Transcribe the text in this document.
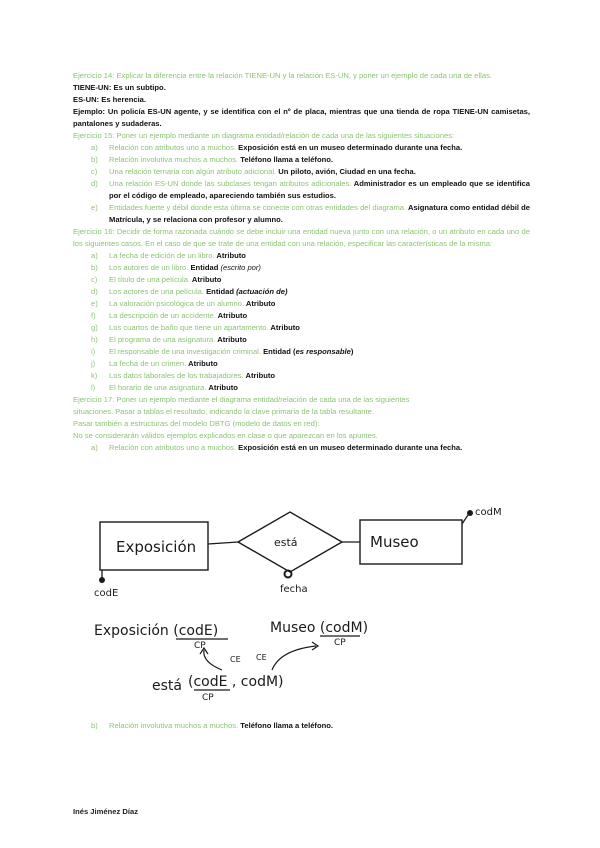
Ejercicio 14: Explicar la diferencia entre la relación TIENE-UN y la relación ES-UN, y poner un ejemplo de cada una de ellas.

TIENE-UN: Es un subtipo.

ES-UN: Es herencia.

Ejemplo: Un policía ES-UN agente, y se identifica con el nº de placa, mientras que una tienda de ropa TIENE-UN camisetas, pantalones y sudaderas.

Ejercicio 15: Poner un ejemplo mediante un diagrama entidad/relación de cada una de las siguientes situaciones:

a) Relación con atributos uno a muchos. Exposición está en un museo determinado durante una fecha.
b) Relación involutiva muchos a muchos. Teléfono llama a teléfono.
c) Una relación ternaria con algún atributo adicional. Un piloto, avión, Ciudad en una fecha.
d) Una relación ES-UN donde las subclases tengan atributos adicionales. Administrador es un empleado que se identifica por el código de empleado, apareciendo también sus estudios.
e) Entidades fuerte y débil donde esta última se conecte con otras entidades del diagrama. Asignatura como entidad débil de Matrícula, y se relaciona con profesor y alumno.

Ejercicio 16: Decidir de forma razonada cuándo se debe incluir una entidad nueva junto con una relación, o un atributo en cada uno de los siguientes casos. En el caso de que se trate de una entidad con una relación, especificar las características de la misma:

a) La fecha de edición de un libro. Atributo
b) Los autores de un libro. Entidad (escrito por)
c) El título de una película. Atributo
d) Los actores de una película. Entidad (actuación de)
e) La valoración psicológica de un alumno. Atributo
f) La descripción de un accidente. Atributo
g) Los cuartos de baño que tiene un apartamento. Atributo
h) El programa de una asignatura. Atributo
i) El responsable de una investigación criminal. Entidad (es responsable)
j) La fecha de un crimen. Atributo
k) Los datos laborales de los trabajadores. Atributo
l) El horario de una asignatura. Atributo

Ejercicio 17: Poner un ejemplo mediante el diagrama entidad/relación de cada una de las siguientes

situaciones. Pasar a tablas el resultado, indicando la clave primaria de la tabla resultante.

Pasar también a estructuras del modelo DBTG (modelo de datos en red):

No se considerarán válidos ejemplos explicados en clase o que aparezcan en los apuntes.

a) Relación con atributos uno a muchos. Exposición está en un museo determinado durante una fecha.
Exposición	está	Museo
codE
codM
fecha
Exposición (codE)
CP
Museo (codM)
CP
CE CE
está (codE , codM)
CP
b) Relación involutiva muchos a muchos. Teléfono llama a teléfono.
Inés Jiménez Díaz
